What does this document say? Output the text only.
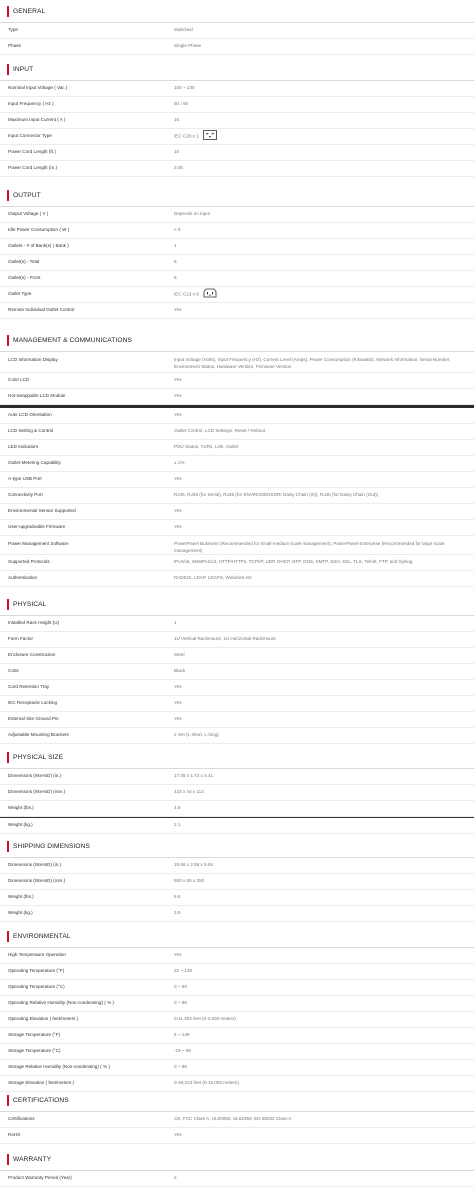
GENERAL
Type	Switched
Phase	Single Phase
INPUT
Nominal Input Voltage ( Vac )	100 ~ 240
Input Frequency ( Hz )	50 / 60
Maximum Input Current ( A )	16
Input Connector Type	IEC C20 x 1
Power Cord Length (ft.)	10
Power Cord Length (m.)	3.05
OUTPUT
Output Voltage ( V )	Depends on input
Idle Power Consumption ( W )	< 5
Outlets - # of Bank(s) ( Bank )	1
Outlet(s) - Total	8
Outlet(s) - Front	8
Outlet Type	IEC C13 x 8
Remote Individual Outlet Control	Yes
MANAGEMENT & COMMUNICATIONS
LCD Information Display	Input Voltage (Volts), Input Frequency (Hz), Current Level (Amps), Power Consumption (Kilowatts), Network Information, Serial Number, Environment Status, Hardware Version, Firmware Version
Color LCD	Yes
Hot-swappable LCD Module	Yes
Auto LCD Orientation	Yes
LCD Setting & Control	Outlet Control, LCD Settings, Reset / Reboot
LED Indicators	PDU Status, Tx/Rx, Link, Outlet
Outlet Metering Capability	± 1%
A-type USB Port	Yes
Connectivity Port	RJ45, RJ45 (for Serial), RJ45 (for ENVIROSENSOR/ Daisy Chain (In)), RJ45 (for Daisy Chain (Out))
Environmental Sensor Supported	Yes
User-upgradeable Firmware	Yes
Power Management Software	PowerPanel Business (Recommended for small-medium scale management), PowerPanel Enterprise (Recommended for large scale management)
Supported Protocols	IPv4/v6, SNMPv1/v3, HTTP/HTTPs, TCP/IP, UDP, DHCP, NTP, DNS, SMTP, SSH, SSL, TLS, Telnet, FTP, and Syslog
Authentication	RADIUS, LDAP, LDAPS, Windows AD
PHYSICAL
Installed Rack Height (U)	1
Form Factor	1U Vertical Rackmount, 1U Horizontal Rackmount
Enclosure Construction	Steel
Color	Black
Cord Retention Tray	Yes
IEC Receptacle Locking	Yes
External Site Ground Pin	Yes
Adjustable Mounting Brackets	2 Set (L-short, L-long)
PHYSICAL SIZE
Dimensions (WxHxD) (in.)	17.05 x 1.73 x 4.41
Dimensions (WxHxD) (mm.)	433 x 44 x 112
Weight (lbs.)	4.6
Weight (kg.)	2.1
SHIPPING DIMENSIONS
Dimensions (WxHxD) (in.)	19.68 x 2.56 x 9.84
Dimensions (WxHxD) (mm.)	500 x 65 x 250
Weight (lbs.)	8.6
Weight (kg.)	3.9
ENVIRONMENTAL
High Temperature Operation	Yes
Operating Temperature (°F)	32 ~ 140
Operating Temperature (°C)	0 ~ 60
Operating Relative Humidity (Non-condensing) ( % )	0 ~ 95
Operating Elevation ( feet/meters )	0-11,483 feet (0-3,500 meters)
Storage Temperature (°F)	5 ~ 149
Storage Temperature (°C)	-15 ~ 65
Storage Relative Humidity (Non-condensing) ( % )	0 ~ 95
Storage Elevation ( feet/meters )	0-49,213 feet (0-15,000 meters)
CERTIFICATIONS
Certifications	CE, FCC Class A, UL60950, UL62368, EN 55032 Class A
RoHS	Yes
WARRANTY
Product Warranty Period (Year)	2
